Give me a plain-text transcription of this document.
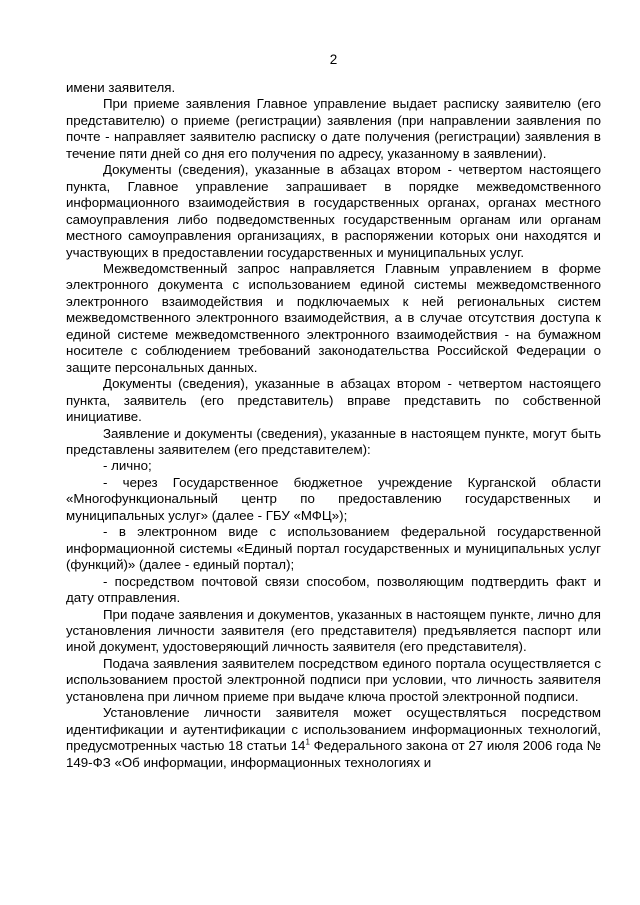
2

имени заявителя.

При приеме заявления Главное управление выдает расписку заявителю (его представителю) о приеме (регистрации) заявления (при направлении заявления по почте - направляет заявителю расписку о дате получения (регистрации) заявления в течение пяти дней со дня его получения по адресу, указанному в заявлении).

Документы (сведения), указанные в абзацах втором - четвертом настоящего пункта, Главное управление запрашивает в порядке межведомственного информационного взаимодействия в государственных органах, органах местного самоуправления либо подведомственных государственным органам или органам местного самоуправления организациях, в распоряжении которых они находятся и участвующих в предоставлении государственных и муниципальных услуг.

Межведомственный запрос направляется Главным управлением в форме электронного документа с использованием единой системы межведомственного электронного взаимодействия и подключаемых к ней региональных систем межведомственного электронного взаимодействия, а в случае отсутствия доступа к единой системе межведомственного электронного взаимодействия - на бумажном носителе с соблюдением требований законодательства Российской Федерации о защите персональных данных.

Документы (сведения), указанные в абзацах втором - четвертом настоящего пункта, заявитель (его представитель) вправе представить по собственной инициативе.

Заявление и документы (сведения), указанные в настоящем пункте, могут быть представлены заявителем (его представителем):

- лично;

- через Государственное бюджетное учреждение Курганской области «Многофункциональный центр по предоставлению государственных и муниципальных услуг» (далее - ГБУ «МФЦ»);

- в электронном виде с использованием федеральной государственной информационной системы «Единый портал государственных и муниципальных услуг (функций)» (далее - единый портал);

- посредством почтовой связи способом, позволяющим подтвердить факт и дату отправления.

При подаче заявления и документов, указанных в настоящем пункте, лично для установления личности заявителя (его представителя) предъявляется паспорт или иной документ, удостоверяющий личность заявителя (его представителя).

Подача заявления заявителем посредством единого портала осуществляется с использованием простой электронной подписи при условии, что личность заявителя установлена при личном приеме при выдаче ключа простой электронной подписи.

Установление личности заявителя может осуществляться посредством идентификации и аутентификации с использованием информационных технологий, предусмотренных частью 18 статьи $14^1$ Федерального закона от 27 июля 2006 года № 149-ФЗ «Об информации, информационных технологиях и
